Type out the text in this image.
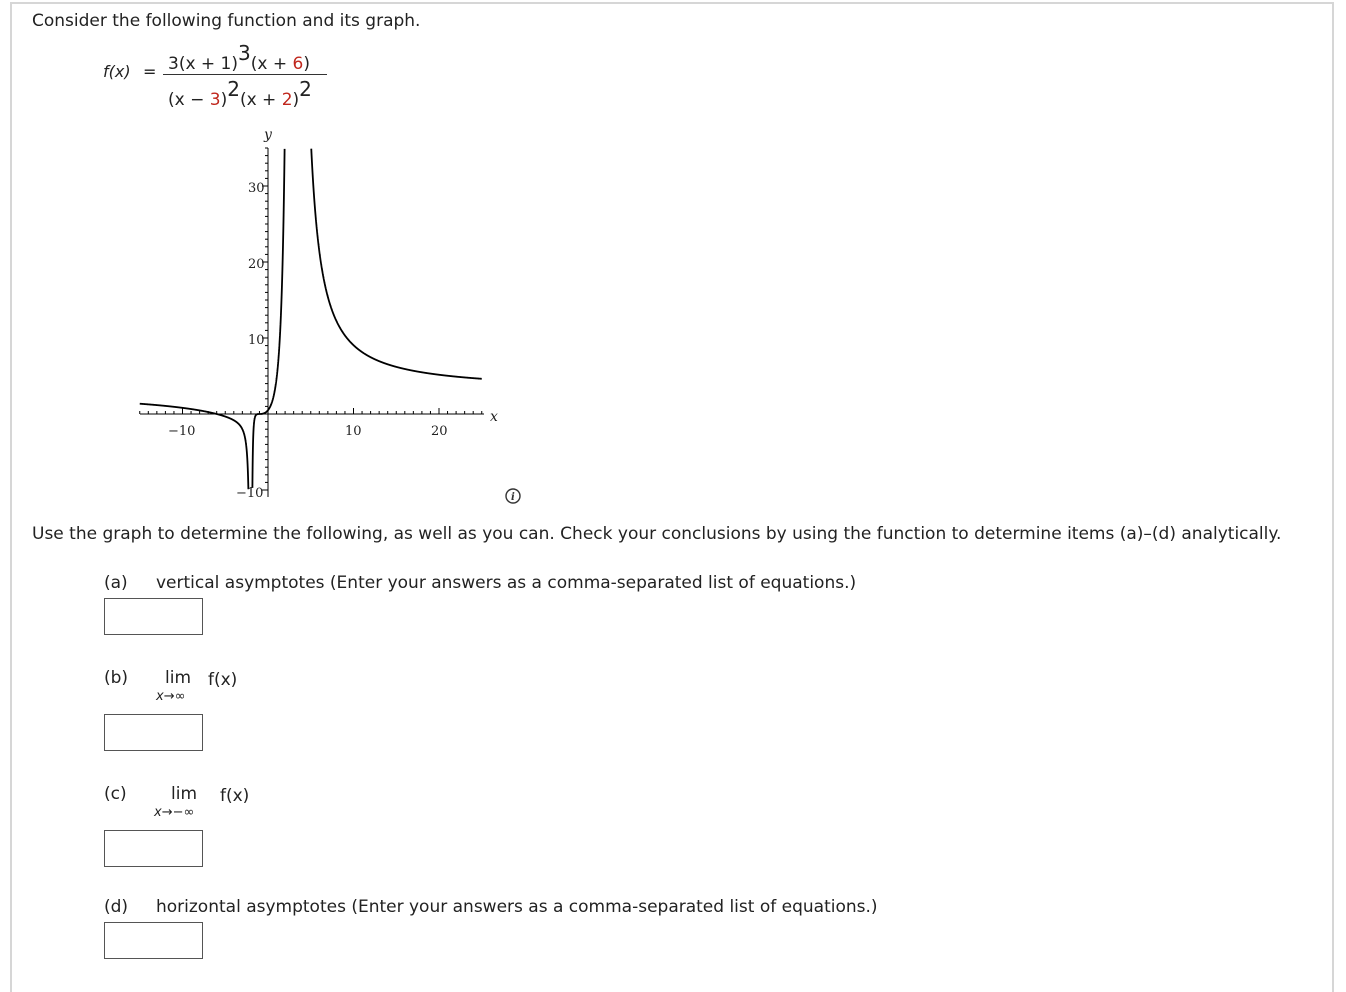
Consider the following function and its graph.
f(x) = 3(x + 1)3(x + 6)
(x − 3)2(x + 2)2
y
x
−10	10	20
30
20
10
−10	i
Use the graph to determine the following, as well as you can. Check your conclusions by using the function to determine items (a)–(d) analytically.
(a) vertical asymptotes (Enter your answers as a comma-separated list of equations.)
(b) lim
x→∞
f(x)
(c)	lim
x→−∞
f(x)
(d) horizontal asymptotes (Enter your answers as a comma-separated list of equations.)
